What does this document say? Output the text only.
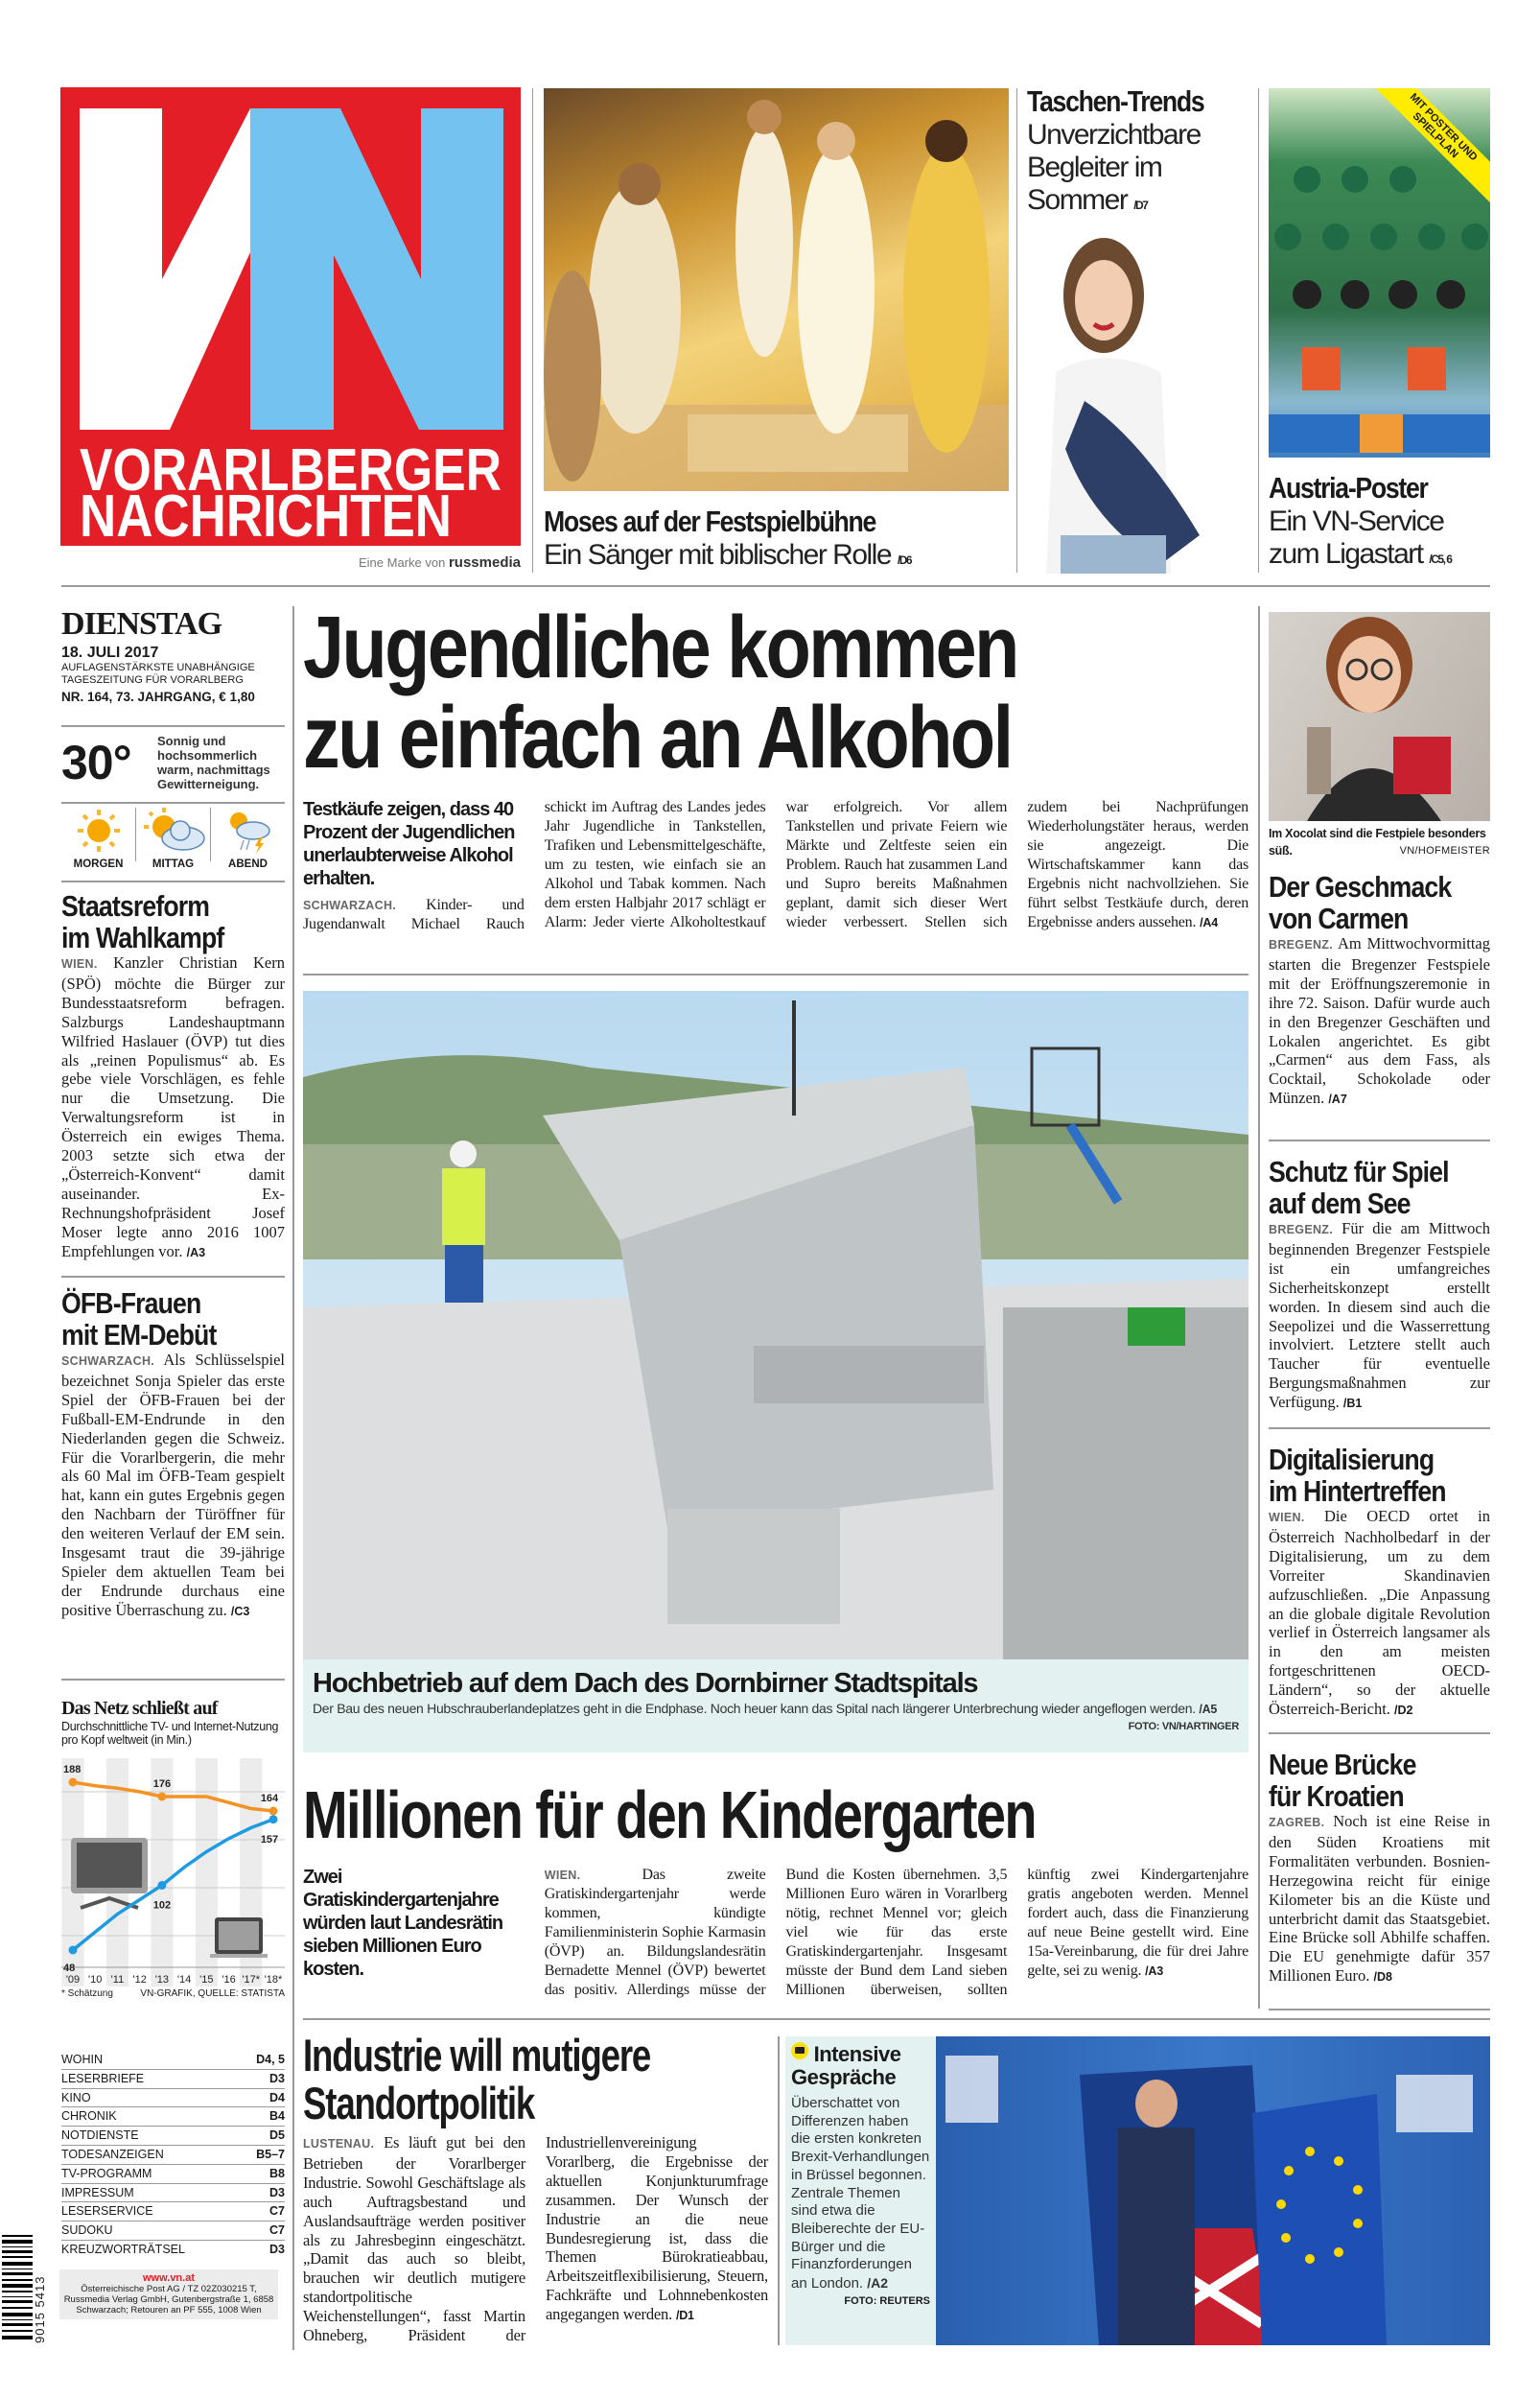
VORARLBERGER
NACHRICHTEN
Eine Marke von russmedia
Moses auf der Festspielbühne
Ein Sänger mit biblischer Rolle /D6
Taschen-Trends
Unverzichtbare Begleiter im Sommer /D7
MIT POSTER UND SPIELPLAN
Austria-Poster
Ein VN-Service zum Ligastart /C5, 6
DIENSTAG
18. JULI 2017
AUFLAGENSTÄRKSTE UNABHÄNGIGE TAGESZEITUNG FÜR VORARLBERG
NR. 164, 73. JAHRGANG, € 1,80
30°	Sonnig und hochsommerlich warm, nachmittags Gewitterneigung.
MORGEN	MITTAG	ABEND
Staatsreform
im Wahlkampf

WIEN. Kanzler Christian Kern (SPÖ) möchte die Bürger zur Bundesstaatsreform befragen. Salzburgs Landeshauptmann Wilfried Haslauer (ÖVP) tut dies als „reinen Populismus“ ab. Es gebe viele Vorschlägen, es fehle nur die Umsetzung. Die Verwaltungsreform ist in Österreich ein ewiges Thema. 2003 setzte sich etwa der „Österreich-Konvent“ damit auseinander. Ex-Rechnungshofpräsident Josef Moser legte anno 2016 1007 Empfehlungen vor. /A3

ÖFB-Frauen
mit EM-Debüt

SCHWARZACH. Als Schlüsselspiel bezeichnet Sonja Spieler das erste Spiel der ÖFB-Frauen bei der Fußball-EM-Endrunde in den Niederlanden gegen die Schweiz. Für die Vorarlbergerin, die mehr als 60 Mal im ÖFB-Team gespielt hat, kann ein gutes Ergebnis gegen den Nachbarn der Türöffner für den weiteren Verlauf der EM sein. Insgesamt traut die 39-jährige Spieler dem aktuellen Team bei der Endrunde durchaus eine positive Überraschung zu. /C3

Das Netz schließt auf
Durchschnittliche TV- und Internet-Nutzung pro Kopf weltweit (in Min.)
188
176
164
48
102
157
'09 '10 '11 '12 '13 '14 '15 '16 '17* '18*
* Schätzung	VN-GRAFIK, QUELLE: STATISTA
WOHIN	D4, 5
LESERBRIEFE	D3
KINO	D4
CHRONIK	B4
NOTDIENSTE	D5
TODESANZEIGEN	B5–7
TV-PROGRAMM	B8
IMPRESSUM	D3
LESERSERVICE	C7
SUDOKU	C7
KREUZWORTRÄTSEL	D3
www.vn.at
Österreichische Post AG / TZ 02Z030215 T, Russmedia Verlag GmbH, Gutenbergstraße 1, 6858 Schwarzach; Retouren an PF 555, 1008 Wien
9015 5413
Jugendliche kommen
zu einfach an Alkohol
Testkäufe zeigen, dass 40 Prozent der Jugendlichen unerlaubterweise Alkohol erhalten.
SCHWARZACH. Kinder- und Jugendanwalt Michael Rauch schickt im Auftrag des Landes jedes Jahr Jugendliche in Tankstellen, Trafiken und Lebensmittelgeschäfte, um zu testen, wie einfach sie an Alkohol und Tabak kommen. Nach dem ersten Halbjahr 2017 schlägt er Alarm: Jeder vierte Alkoholtestkauf war erfolgreich. Vor allem Tankstellen und private Feiern wie Märkte und Zeltfeste seien ein Problem. Rauch hat zusammen Land und Supro bereits Maßnahmen geplant, damit sich dieser Wert wieder verbessert. Stellen sich zudem bei Nachprüfungen Wiederholungstäter heraus, werden sie angezeigt. Die Wirtschaftskammer kann das Ergebnis nicht nachvollziehen. Sie führt selbst Testkäufe durch, deren Ergebnisse anders aussehen. /A4
Hochbetrieb auf dem Dach des Dornbirner Stadtspitals
Der Bau des neuen Hubschrauberlandeplatzes geht in die Endphase. Noch heuer kann das Spital nach längerer Unterbrechung wieder angeflogen werden. /A5
FOTO: VN/HARTINGER
Millionen für den Kindergarten
Zwei Gratiskindergartenjahre würden laut Landesrätin sieben Millionen Euro kosten.
WIEN.	Das zweite Gratiskindergartenjahr werde kommen, kündigte Familienministerin Sophie Karmasin (ÖVP) an. Bildungslandesrätin Bernadette Mennel (ÖVP) bewertet das positiv. Allerdings müsse der Bund die Kosten übernehmen. 3,5 Millionen Euro wären in Vorarlberg nötig, rechnet Mennel vor; gleich viel wie für das erste Gratiskindergartenjahr. Insgesamt müsste der Bund dem Land sieben Millionen überweisen, sollten künftig zwei Kindergartenjahre gratis angeboten werden. Mennel fordert auch, dass die Finanzierung auf neue Beine gestellt wird. Eine 15a-Vereinbarung, die für drei Jahre gelte, sei zu wenig. /A3
Industrie will mutigere
Standortpolitik
LUSTENAU. Es läuft gut bei den Betrieben der Vorarlberger Industrie. Sowohl Geschäftslage als auch Auftragsbestand und Auslandsaufträge werden positiver als zu Jahresbeginn eingeschätzt. „Damit das auch so bleibt, brauchen wir deutlich mutigere standortpolitische Weichenstellungen“, fasst Martin Ohneberg, Präsident der Industriellenvereinigung Vorarlberg, die Ergebnisse der aktuellen Konjunkturumfrage zusammen. Der Wunsch der Industrie an die neue Bundesregierung ist, dass die Themen Bürokratieabbau, Arbeitszeitflexibilisierung, Steuern, Fachkräfte und Lohnnebenkosten angegangen werden. /D1
Intensive Gespräche
Überschattet von Differenzen haben die ersten konkreten Brexit-Verhandlungen in Brüssel begonnen. Zentrale Themen sind etwa die Bleiberechte der EU-Bürger und die Finanzforderungen an London. /A2
FOTO: REUTERS
Im Xocolat sind die Festpiele besonders süß.	VN/HOFMEISTER
Der Geschmack
von Carmen

BREGENZ. Am Mittwochvormittag starten die Bregenzer Festspiele mit der Eröffnungszeremonie in ihre 72. Saison. Dafür wurde auch in den Bregenzer Geschäften und Lokalen angerichtet. Es gibt „Carmen“ aus dem Fass, als Cocktail, Schokolade oder Münzen. /A7

Schutz für Spiel
auf dem See

BREGENZ. Für die am Mittwoch beginnenden Bregenzer Festspiele ist ein umfangreiches Sicherheitskonzept erstellt worden. In diesem sind auch die Seepolizei und die Wasserrettung involviert. Letztere stellt auch Taucher für eventuelle Bergungsmaßnahmen zur Verfügung. /B1

Digitalisierung
im Hintertreffen

WIEN. Die OECD ortet in Österreich Nachholbedarf in der Digitalisierung, um zu dem Vorreiter Skandinavien aufzuschließen. „Die Anpassung an die globale digitale Revolution verlief in Österreich langsamer als in den am meisten fortgeschrittenen OECD-Ländern“, so der aktuelle Österreich-Bericht. /D2

Neue Brücke
für Kroatien

ZAGREB. Noch ist eine Reise in den Süden Kroatiens mit Formalitäten verbunden. Bosnien-Herzegowina reicht für einige Kilometer bis an die Küste und unterbricht damit das Staatsgebiet. Eine Brücke soll Abhilfe schaffen. Die EU genehmigte dafür 357 Millionen Euro. /D8
